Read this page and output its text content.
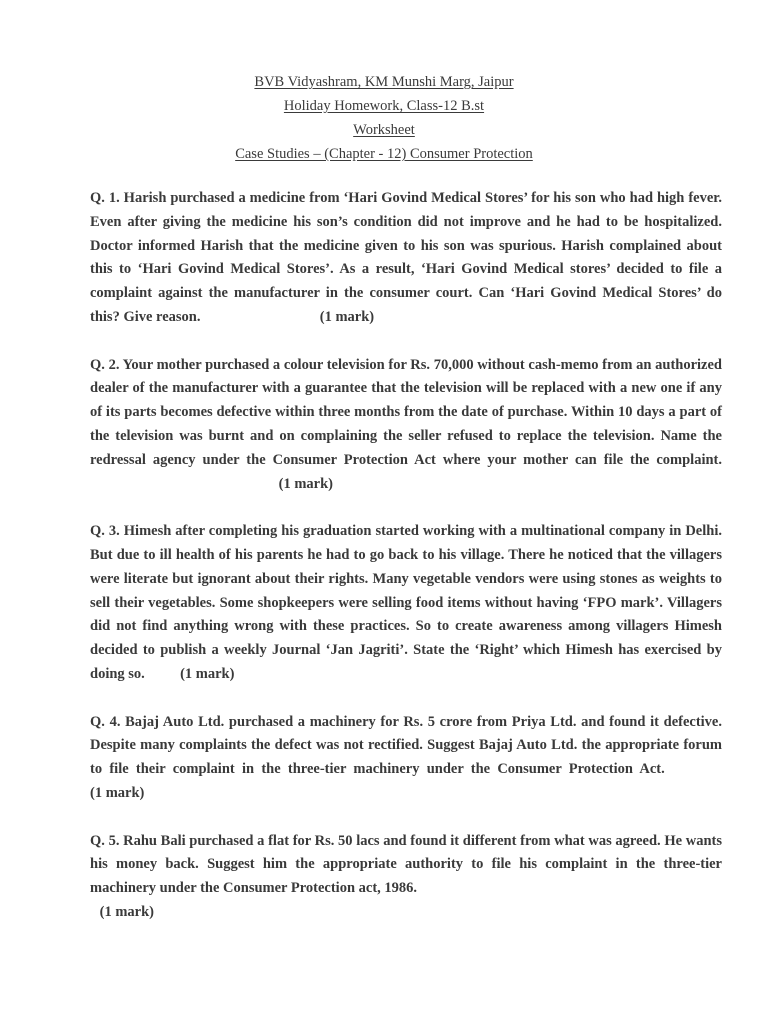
BVB Vidyashram, KM Munshi Marg, Jaipur
Holiday Homework, Class-12 B.st
Worksheet
Case Studies – (Chapter - 12) Consumer Protection

Q. 1. Harish purchased a medicine from ‘Hari Govind Medical Stores’ for his son who had high fever. Even after giving the medicine his son’s condition did not improve and he had to be hospitalized. Doctor informed Harish that the medicine given to his son was spurious. Harish complained about this to ‘Hari Govind Medical Stores’. As a result, ‘Hari Govind Medical stores’ decided to file a complaint against the manufacturer in the consumer court. Can ‘Hari Govind Medical Stores’ do this? Give reason.	(1 mark)

Q. 2. Your mother purchased a colour television for Rs. 70,000 without cash-memo from an authorized dealer of the manufacturer with a guarantee that the television will be replaced with a new one if any of its parts becomes defective within three months from the date of purchase. Within 10 days a part of the television was burnt and on complaining the seller refused to replace the television. Name the redressal agency under the Consumer Protection Act where your mother can file the complaint.  (1 mark)

Q. 3. Himesh after completing his graduation started working with a multinational company in Delhi. But due to ill health of his parents he had to go back to his village. There he noticed that the villagers were literate but ignorant about their rights. Many vegetable vendors were using stones as weights to sell their vegetables. Some shopkeepers were selling food items without having ‘FPO mark’. Villagers did not find anything wrong with these practices. So to create awareness among villagers Himesh decided to publish a weekly Journal ‘Jan Jagriti’. State the ‘Right’ which Himesh has exercised by doing so. (1 mark)

Q. 4. Bajaj Auto Ltd. purchased a machinery for Rs. 5 crore from Priya Ltd. and found it defective. Despite many complaints the defect was not rectified. Suggest Bajaj Auto Ltd. the appropriate forum to file their complaint in the three-tier machinery under the Consumer Protection Act.  (1 mark)

Q. 5. Rahu Bali purchased a flat for Rs. 50 lacs and found it different from what was agreed. He wants his money back. Suggest him the appropriate authority to file his complaint in the three-tier machinery under the Consumer Protection act, 1986.
(1 mark)
